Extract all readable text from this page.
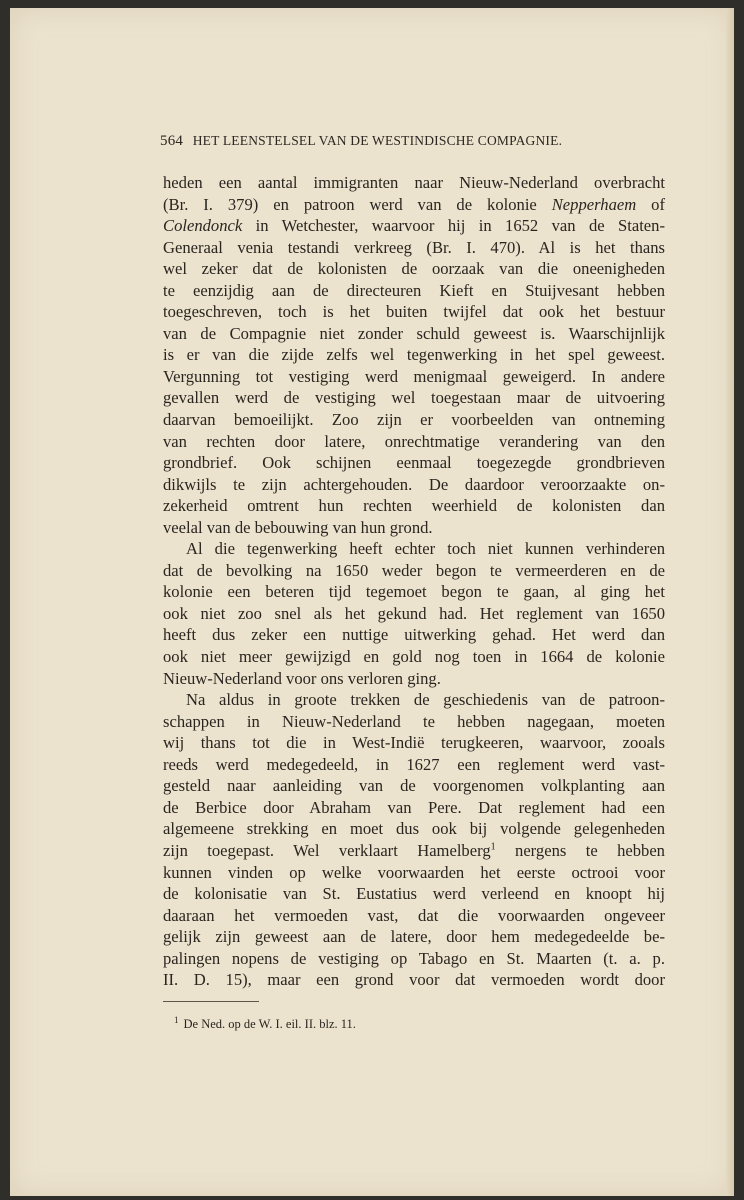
564 HET LEENSTELSEL VAN DE WESTINDISCHE COMPAGNIE.
heden een aantal immigranten naar Nieuw-Nederland overbracht
(Br. I. 379) en patroon werd van de kolonie Nepperhaem of
Colendonck in Wetchester, waarvoor hij in 1652 van de Staten-
Generaal venia testandi verkreeg (Br. I. 470). Al is het thans
wel zeker dat de kolonisten de oorzaak van die oneenigheden
te eenzijdig aan de directeuren Kieft en Stuijvesant hebben
toegeschreven, toch is het buiten twijfel dat ook het bestuur
van de Compagnie niet zonder schuld geweest is. Waarschijnlijk
is er van die zijde zelfs wel tegenwerking in het spel geweest.
Vergunning tot vestiging werd menigmaal geweigerd. In andere
gevallen werd de vestiging wel toegestaan maar de uitvoering
daarvan bemoeilijkt. Zoo zijn er voorbeelden van ontneming
van rechten door latere, onrechtmatige verandering van den
grondbrief. Ook schijnen eenmaal toegezegde grondbrieven
dikwijls te zijn achtergehouden. De daardoor veroorzaakte on-
zekerheid omtrent hun rechten weerhield de kolonisten dan
veelal van de bebouwing van hun grond.
Al die tegenwerking heeft echter toch niet kunnen verhinderen
dat de bevolking na 1650 weder begon te vermeerderen en de
kolonie een beteren tijd tegemoet begon te gaan, al ging het
ook niet zoo snel als het gekund had. Het reglement van 1650
heeft dus zeker een nuttige uitwerking gehad. Het werd dan
ook niet meer gewijzigd en gold nog toen in 1664 de kolonie
Nieuw-Nederland voor ons verloren ging.
Na aldus in groote trekken de geschiedenis van de patroon-
schappen in Nieuw-Nederland te hebben nagegaan, moeten
wij thans tot die in West-Indië terugkeeren, waarvoor, zooals
reeds werd medegedeeld, in 1627 een reglement werd vast-
gesteld naar aanleiding van de voorgenomen volkplanting aan
de Berbice door Abraham van Pere. Dat reglement had een
algemeene strekking en moet dus ook bij volgende gelegenheden
zijn toegepast. Wel verklaart Hamelberg$^1$ nergens te hebben
kunnen vinden op welke voorwaarden het eerste octrooi voor
de kolonisatie van St. Eustatius werd verleend en knoopt hij
daaraan het vermoeden vast, dat die voorwaarden ongeveer
gelijk zijn geweest aan de latere, door hem medegedeelde be-
palingen nopens de vestiging op Tabago en St. Maarten (t. a. p.
II. D. 15), maar een grond voor dat vermoeden wordt door
$^1$ De Ned. op de W. I. eil. II. blz. 11.
